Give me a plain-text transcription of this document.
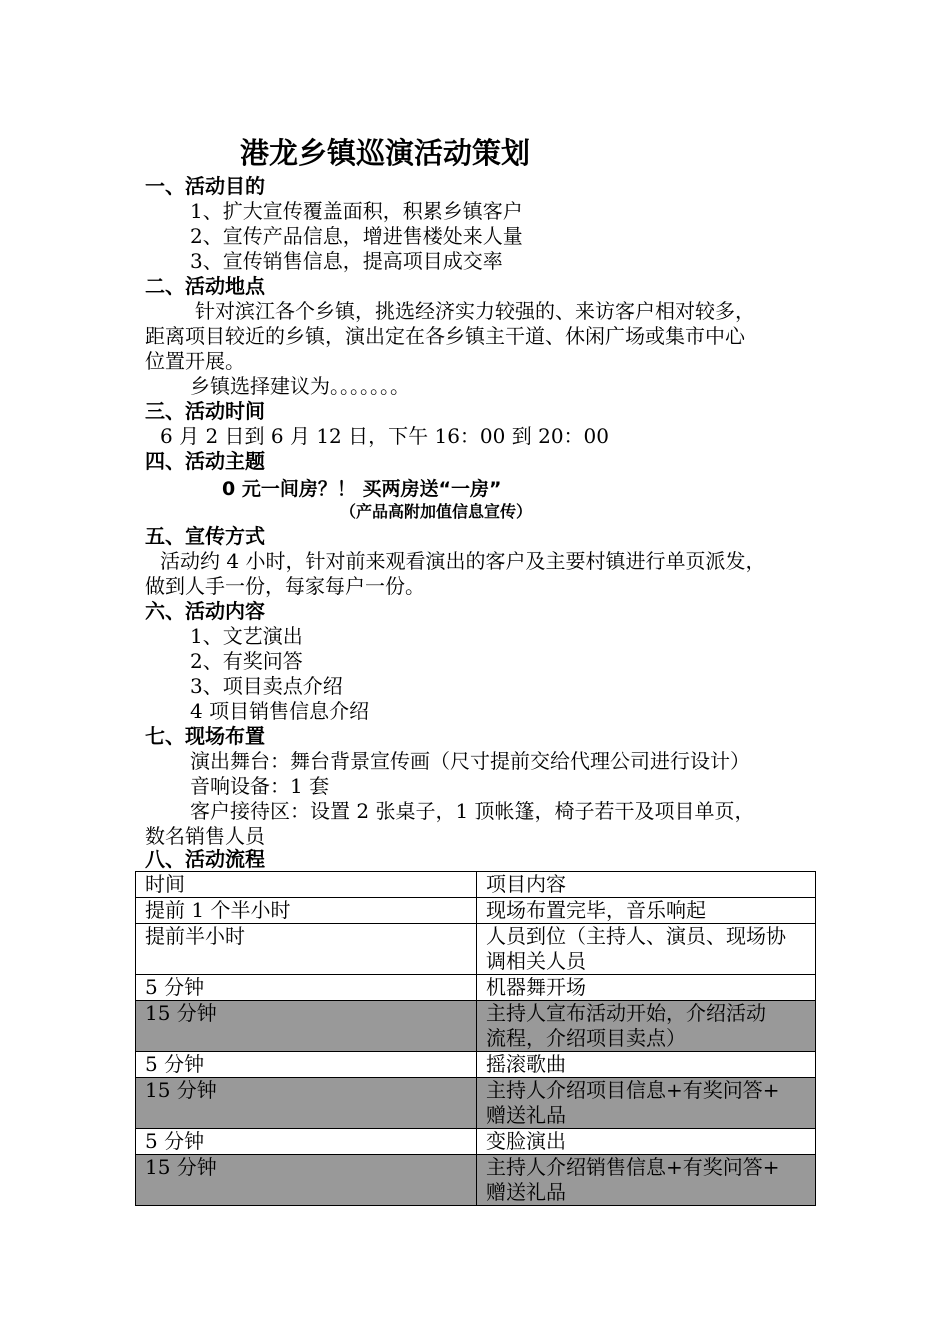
港龙乡镇巡演活动策划
一、活动目的
1、扩大宣传覆盖面积，积累乡镇客户
2、宣传产品信息，增进售楼处来人量
3、宣传销售信息，提高项目成交率
二、活动地点
针对滨江各个乡镇，挑选经济实力较强的、来访客户相对较多，
距离项目较近的乡镇，演出定在各乡镇主干道、休闲广场或集市中心
位置开展。
乡镇选择建议为。。。。。。。
三、活动时间
6 月 2 日到 6 月 12 日，下午 16：00 到 20：00
四、活动主题
0 元一间房？！ 买两房送“一房”
（产品高附加值信息宣传）
五、宣传方式
活动约 4 小时，针对前来观看演出的客户及主要村镇进行单页派发，
做到人手一份，每家每户一份。
六、活动内容
1、文艺演出
2、有奖问答
3、项目卖点介绍
4 项目销售信息介绍
七、现场布置
演出舞台：舞台背景宣传画（尺寸提前交给代理公司进行设计）
音响设备：1 套
客户接待区：设置 2 张桌子，1 顶帐篷，椅子若干及项目单页，
数名销售人员
八、活动流程
时间	项目内容
提前 1 个半小时	现场布置完毕，音乐响起
提前半小时	人员到位（主持人、演员、现场协
调相关人员
5 分钟	机器舞开场
15 分钟	主持人宣布活动开始，介绍活动
流程，介绍项目卖点）
5 分钟	摇滚歌曲
15 分钟	主持人介绍项目信息+有奖问答+
赠送礼品
5 分钟	变脸演出
15 分钟	主持人介绍销售信息+有奖问答+
赠送礼品
